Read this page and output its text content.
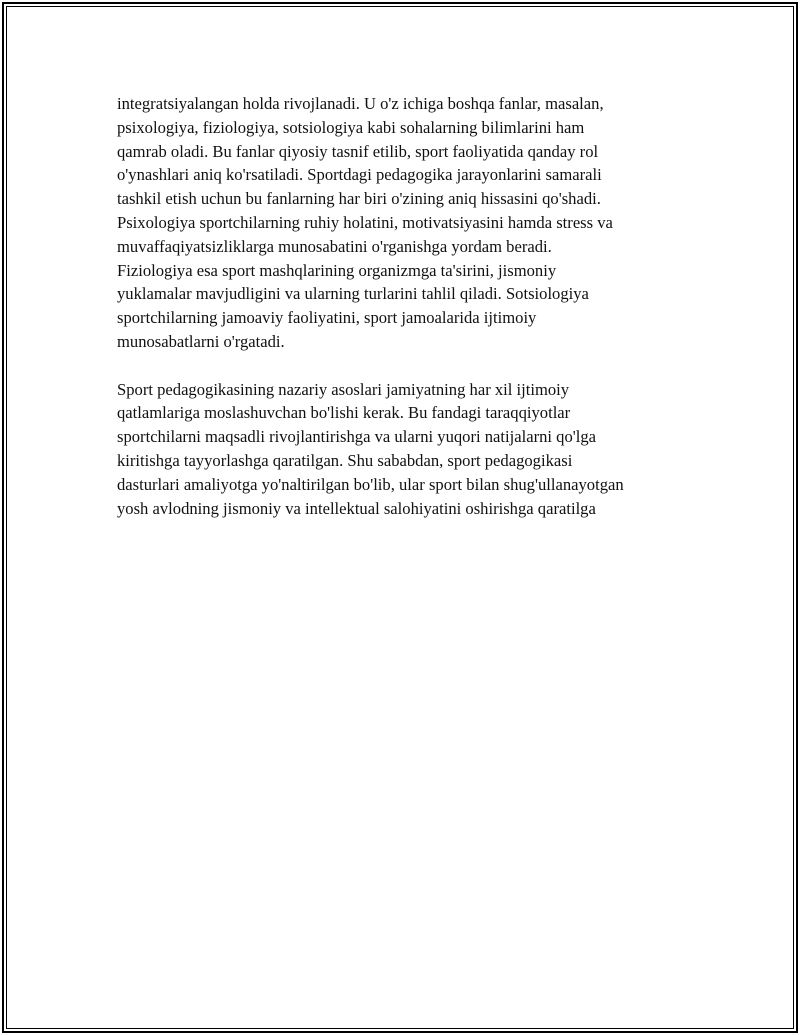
integratsiyalangan holda rivojlanadi. U o'z ichiga boshqa fanlar, masalan,
psixologiya, fiziologiya, sotsiologiya kabi sohalarning bilimlarini ham
qamrab oladi. Bu fanlar qiyosiy tasnif etilib, sport faoliyatida qanday rol
o'ynashlari aniq ko'rsatiladi. Sportdagi pedagogika jarayonlarini samarali
tashkil etish uchun bu fanlarning har biri o'zining aniq hissasini qo'shadi.
Psixologiya sportchilarning ruhiy holatini, motivatsiyasini hamda stress va
muvaffaqiyatsizliklarga munosabatini o'rganishga yordam beradi.
Fiziologiya esa sport mashqlarining organizmga ta'sirini, jismoniy
yuklamalar mavjudligini va ularning turlarini tahlil qiladi. Sotsiologiya
sportchilarning jamoaviy faoliyatini, sport jamoalarida ijtimoiy
munosabatlarni o'rgatadi.

Sport pedagogikasining nazariy asoslari jamiyatning har xil ijtimoiy
qatlamlariga moslashuvchan bo'lishi kerak. Bu fandagi taraqqiyotlar
sportchilarni maqsadli rivojlantirishga va ularni yuqori natijalarni qo'lga
kiritishga tayyorlashga qaratilgan. Shu sababdan, sport pedagogikasi
dasturlari amaliyotga yo'naltirilgan bo'lib, ular sport bilan shug'ullanayotgan
yosh avlodning jismoniy va intellektual salohiyatini oshirishga qaratilga
